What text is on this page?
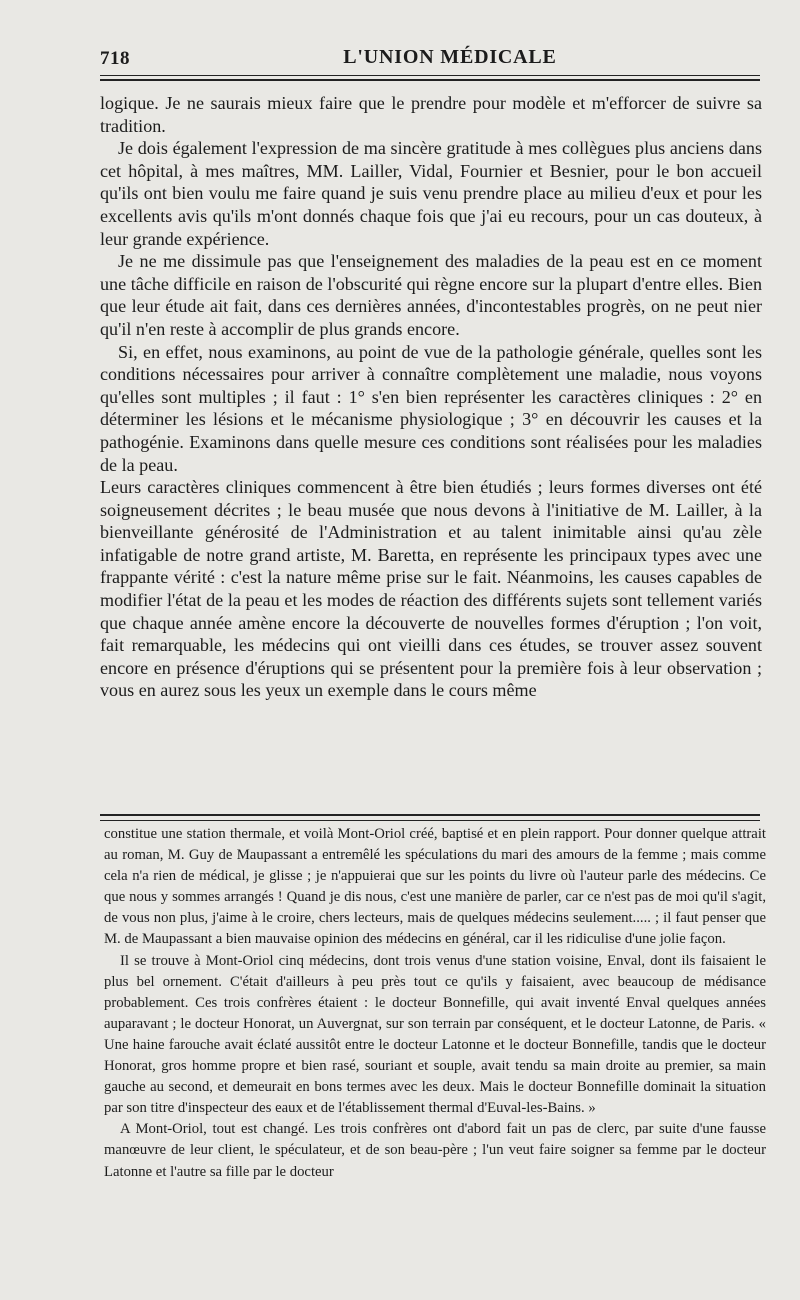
718	L'UNION MÉDICALE

logique. Je ne saurais mieux faire que le prendre pour modèle et m'efforcer de suivre sa tradition.

Je dois également l'expression de ma sincère gratitude à mes collègues plus anciens dans cet hôpital, à mes maîtres, MM. Lailler, Vidal, Fournier et Besnier, pour le bon accueil qu'ils ont bien voulu me faire quand je suis venu prendre place au milieu d'eux et pour les excellents avis qu'ils m'ont donnés chaque fois que j'ai eu recours, pour un cas douteux, à leur grande expérience.

Je ne me dissimule pas que l'enseignement des maladies de la peau est en ce moment une tâche difficile en raison de l'obscurité qui règne encore sur la plupart d'entre elles. Bien que leur étude ait fait, dans ces dernières années, d'incontestables progrès, on ne peut nier qu'il n'en reste à accomplir de plus grands encore.

Si, en effet, nous examinons, au point de vue de la pathologie générale, quelles sont les conditions nécessaires pour arriver à connaître complètement une maladie, nous voyons qu'elles sont multiples ; il faut : 1° s'en bien représenter les caractères cliniques : 2° en déterminer les lésions et le mécanisme physiologique ; 3° en découvrir les causes et la pathogénie. Examinons dans quelle mesure ces conditions sont réalisées pour les maladies de la peau.

Leurs caractères cliniques commencent à être bien étudiés ; leurs formes diverses ont été soigneusement décrites ; le beau musée que nous devons à l'initiative de M. Lailler, à la bienveillante générosité de l'Administration et au talent inimitable ainsi qu'au zèle infatigable de notre grand artiste, M. Baretta, en représente les principaux types avec une frappante vérité : c'est la nature même prise sur le fait. Néanmoins, les causes capables de modifier l'état de la peau et les modes de réaction des différents sujets sont tellement variés que chaque année amène encore la découverte de nouvelles formes d'éruption ; l'on voit, fait remarquable, les médecins qui ont vieilli dans ces études, se trouver assez souvent encore en présence d'éruptions qui se présentent pour la première fois à leur observation ; vous en aurez sous les yeux un exemple dans le cours même

constitue une station thermale, et voilà Mont-Oriol créé, baptisé et en plein rapport. Pour donner quelque attrait au roman, M. Guy de Maupassant a entremêlé les spéculations du mari des amours de la femme ; mais comme cela n'a rien de médical, je glisse ; je n'appuierai que sur les points du livre où l'auteur parle des médecins. Ce que nous y sommes arrangés ! Quand je dis nous, c'est une manière de parler, car ce n'est pas de moi qu'il s'agit, de vous non plus, j'aime à le croire, chers lecteurs, mais de quelques médecins seulement..... ; il faut penser que M. de Maupassant a bien mauvaise opinion des médecins en général, car il les ridiculise d'une jolie façon.

Il se trouve à Mont-Oriol cinq médecins, dont trois venus d'une station voisine, Enval, dont ils faisaient le plus bel ornement. C'était d'ailleurs à peu près tout ce qu'ils y faisaient, avec beaucoup de médisance probablement. Ces trois confrères étaient : le docteur Bonnefille, qui avait inventé Enval quelques années auparavant ; le docteur Honorat, un Auvergnat, sur son terrain par conséquent, et le docteur Latonne, de Paris. « Une haine farouche avait éclaté aussitôt entre le docteur Latonne et le docteur Bonnefille, tandis que le docteur Honorat, gros homme propre et bien rasé, souriant et souple, avait tendu sa main droite au premier, sa main gauche au second, et demeurait en bons termes avec les deux. Mais le docteur Bonnefille dominait la situation par son titre d'inspecteur des eaux et de l'établissement thermal d'Euval-les-Bains. »

A Mont-Oriol, tout est changé. Les trois confrères ont d'abord fait un pas de clerc, par suite d'une fausse manœuvre de leur client, le spéculateur, et de son beau-père ; l'un veut faire soigner sa femme par le docteur Latonne et l'autre sa fille par le docteur
